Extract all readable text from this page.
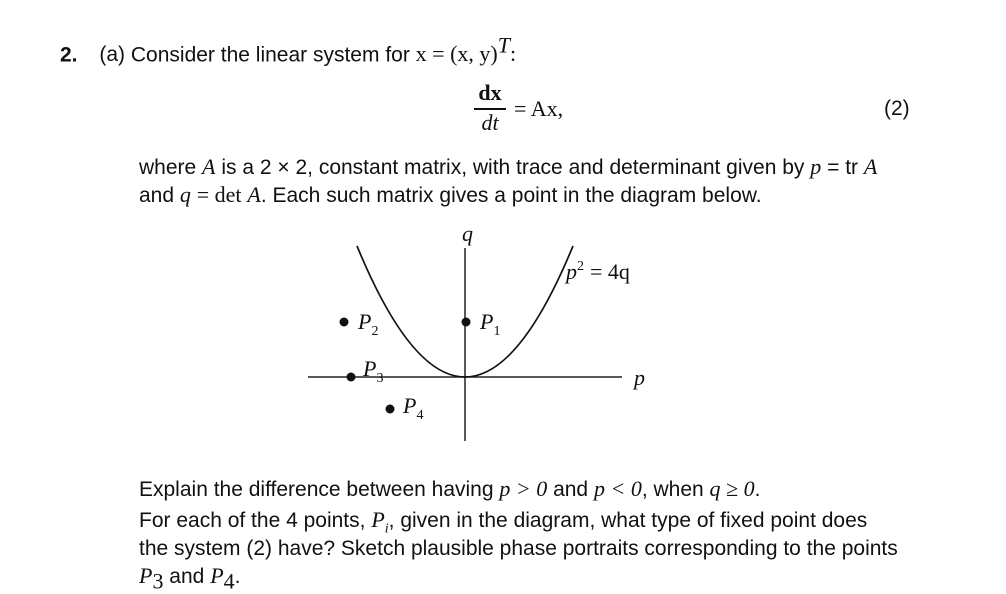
2. (a) Consider the linear system for x = (x, y)$^T$:
dx
dt
= Ax,	(2)
where A is a 2 × 2, constant matrix, with trace and determinant given by p = tr A
and q = det A. Each such matrix gives a point in the diagram below.
q
p
$p^2 = 4q$
$P_1$
$P_2$
$P_3$
$P_4$
Explain the difference between having p > 0 and p < 0, when q ≥ 0.
For each of the 4 points, $P_i$, given in the diagram, what type of fixed point does
the system (2) have? Sketch plausible phase portraits corresponding to the points
$P_3$ and $P_4$.
